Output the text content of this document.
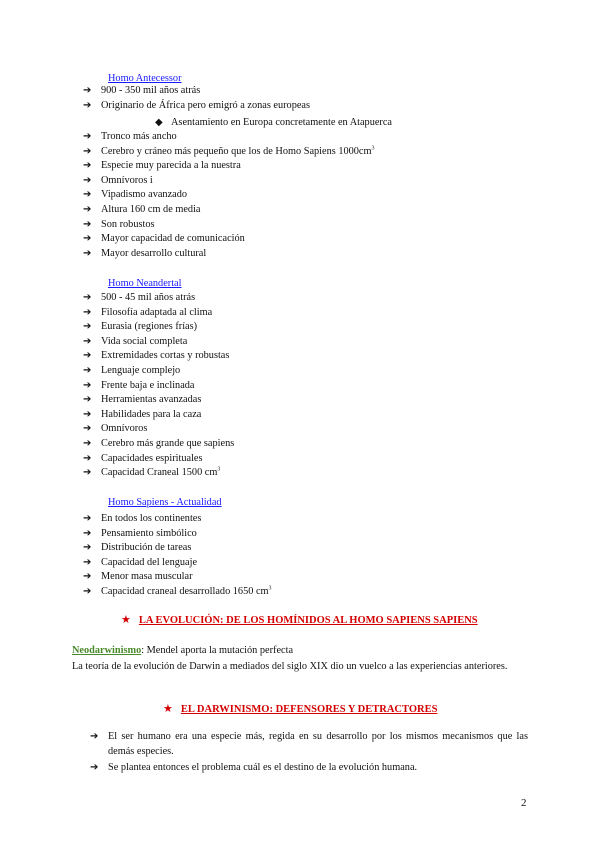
Homo Antecessor
➔ 900 - 350 mil años atrás
➔ Originario de África pero emigró a zonas europeas
◆ Asentamiento en Europa concretamente en Atapuerca
➔ Tronco más ancho
➔ Cerebro y cráneo más pequeño que los de Homo Sapiens $1000cm^3$
➔ Especie muy parecida a la nuestra
➔ Omnívoros i
➔ Vipadismo avanzado
➔ Altura 160 cm de media
➔ Son robustos
➔ Mayor capacidad de comunicación
➔ Mayor desarrollo cultural
Homo Neandertal
➔ 500 - 45 mil años atrás
➔ Filosofía adaptada al clima
➔ Eurasia (regiones frías)
➔ Vida social completa
➔ Extremidades cortas y robustas
➔ Lenguaje complejo
➔ Frente baja e inclinada
➔ Herramientas avanzadas
➔ Habilidades para la caza
➔ Omnívoros
➔ Cerebro más grande que sapiens
➔ Capacidades espirituales
➔ Capacidad Craneal 1500 $cm^3$
Homo Sapiens - Actualidad
➔ En todos los continentes
➔ Pensamiento simbólico
➔ Distribución de tareas
➔ Capacidad del lenguaje
➔ Menor masa muscular
➔ Capacidad craneal desarrollado 1650 $cm^3$
★ LA EVOLUCIÓN: DE LOS HOMÍNIDOS AL HOMO SAPIENS SAPIENS
Neodarwinismo: Mendel aporta la mutación perfecta
La teoría de la evolución de Darwin a mediados del siglo XIX dio un vuelco a las experiencias anteriores.
★ EL DARWINISMO: DEFENSORES Y DETRACTORES
➔ El ser humano era una especie más, regida en su desarrollo por los mismos mecanismos que las demás especies.
➔ Se plantea entonces el problema cuál es el destino de la evolución humana.
2
